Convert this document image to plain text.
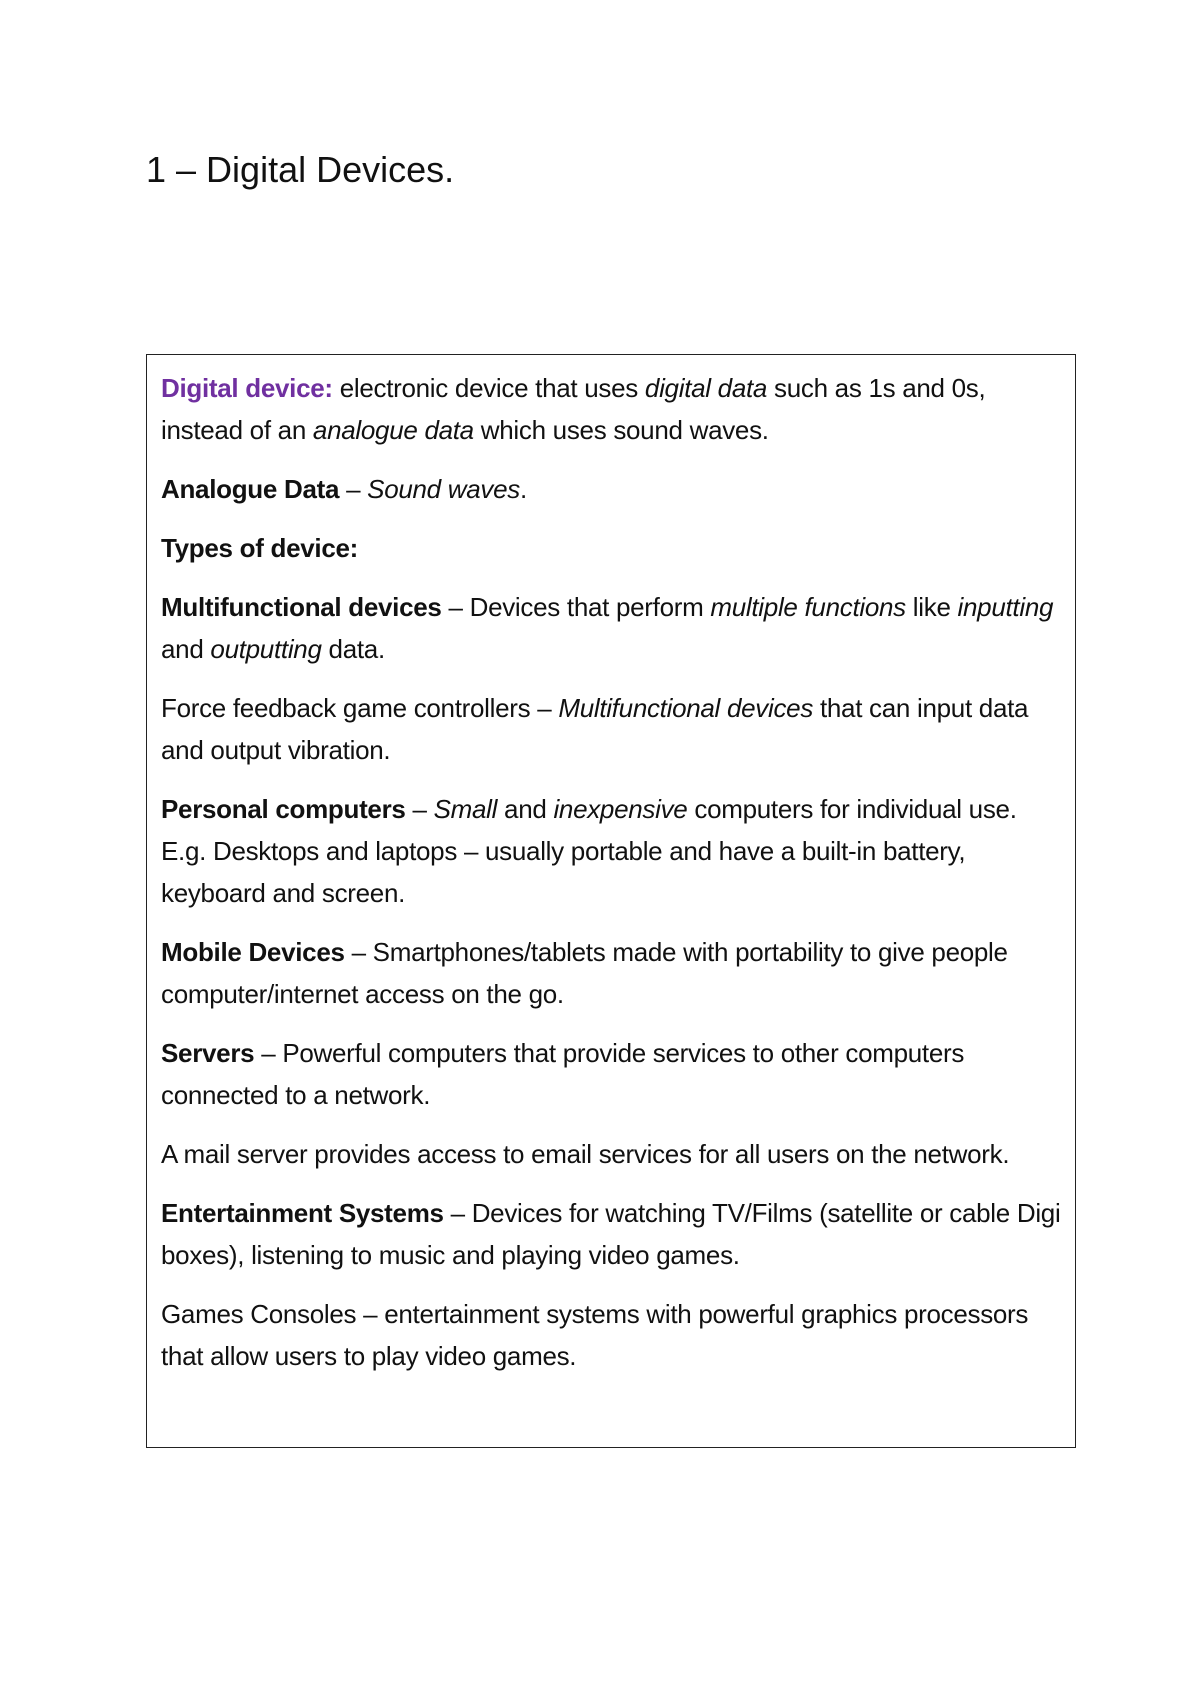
1 – Digital Devices.

Digital device: electronic device that uses digital data such as 1s and 0s, instead of an analogue data which uses sound waves.

Analogue Data – Sound waves.

Types of device:

Multifunctional devices – Devices that perform multiple functions like inputting and outputting data.

Force feedback game controllers – Multifunctional devices that can input data and output vibration.

Personal computers – Small and inexpensive computers for individual use. E.g. Desktops and laptops – usually portable and have a built-in battery, keyboard and screen.

Mobile Devices – Smartphones/tablets made with portability to give people computer/internet access on the go.

Servers – Powerful computers that provide services to other computers connected to a network.

A mail server provides access to email services for all users on the network.

Entertainment Systems – Devices for watching TV/Films (satellite or cable Digi boxes), listening to music and playing video games.

Games Consoles – entertainment systems with powerful graphics processors that allow users to play video games.
